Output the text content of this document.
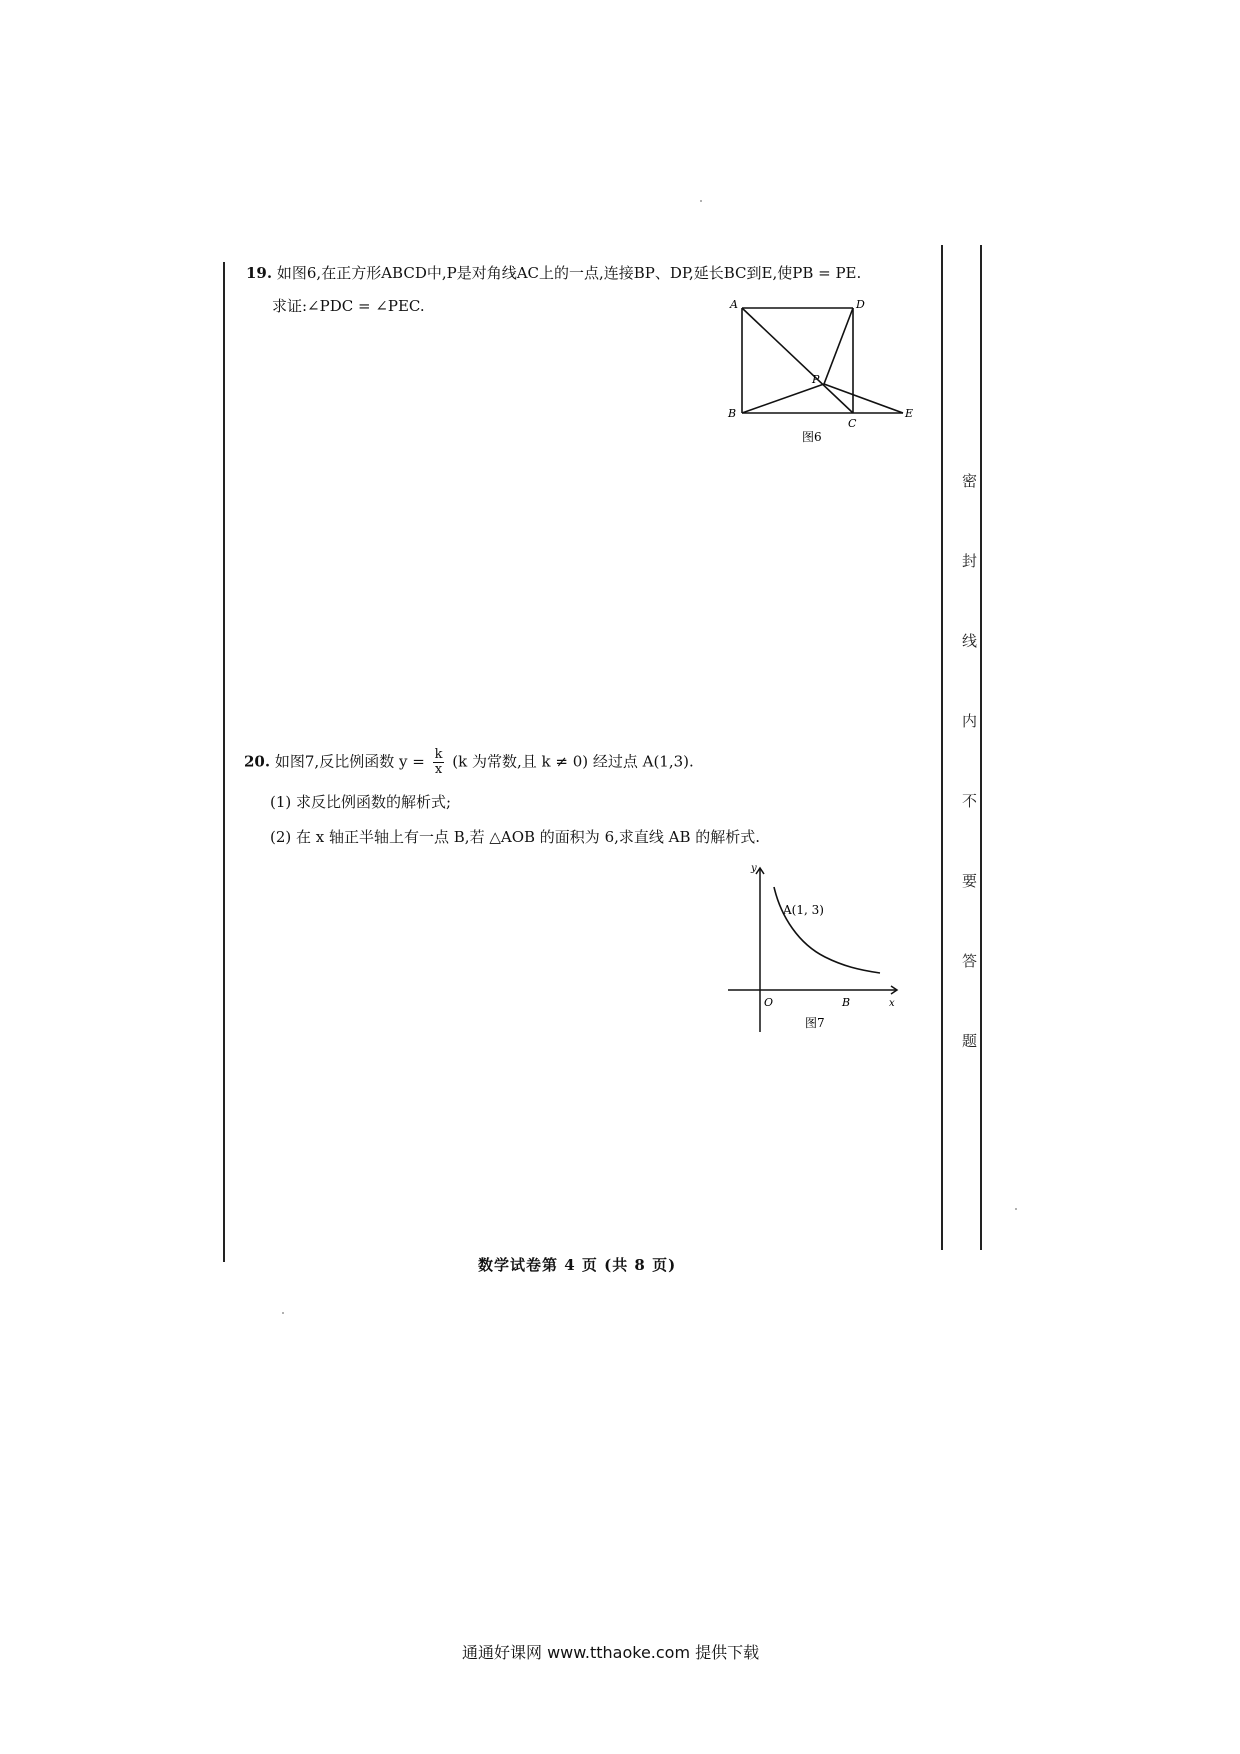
19. 如图6,在正方形ABCD中,P是对角线AC上的一点,连接BP、DP,延长BC到E,使PB = PE.
求证:∠PDC = ∠PEC.	A	D
B
C
E
P
图6
20. 如图7,反比例函数 $y = \frac{k}{x} (k$ 为常数,且 k ≠ 0) 经过点 A(1,3).
(1) 求反比例函数的解析式;
(2) 在 x 轴正半轴上有一点 B,若 △AOB 的面积为 6,求直线 AB 的解析式.
y
A(1, 3)
O	B	x
图7
密
封
线
内
不
要
答
题
数学试卷第 4 页 (共 8 页)
通通好课网 www.tthaoke.com 提供下载
